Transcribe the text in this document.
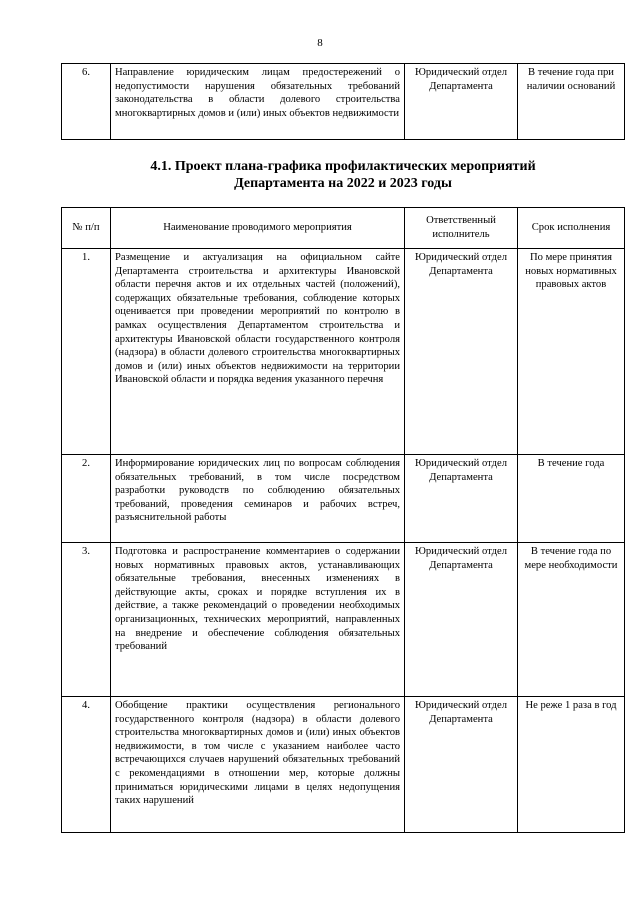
8
6.	Направление юридическим лицам предостережений о недопустимости нарушения обязательных требований законодательства в области долевого строительства многоквартирных домов и (или) иных объектов недвижимости	Юридический отдел Департамента	В течение года при наличии оснований
4.1. Проект плана-графика профилактических мероприятий
Департамента на 2022 и 2023 годы
№ п/п	Наименование проводимого мероприятия	Ответственный исполнитель	Срок исполнения
1.	Размещение и актуализация на официальном сайте Департамента строительства и архитектуры Ивановской области перечня актов и их отдельных частей (положений), содержащих обязательные требования, соблюдение которых оценивается при проведении мероприятий по контролю в рамках осуществления Департаментом строительства и архитектуры Ивановской области государственного контроля (надзора) в области долевого строительства многоквартирных домов и (или) иных объектов недвижимости на территории Ивановской области и порядка ведения указанного перечня	Юридический отдел Департамента	По мере принятия новых нормативных правовых актов
2.	Информирование юридических лиц по вопросам соблюдения обязательных требований, в том числе посредством разработки руководств по соблюдению обязательных требований, проведения семинаров и рабочих встреч, разъяснительной работы	Юридический отдел Департамента	В течение года
3.	Подготовка и распространение комментариев о содержании новых нормативных правовых актов, устанавливающих обязательные требования, внесенных изменениях в действующие акты, сроках и порядке вступления их в действие, а также рекомендаций о проведении необходимых организационных, технических мероприятий, направленных на внедрение и обеспечение соблюдения обязательных требований	Юридический отдел Департамента	В течение года по мере необходимости
4.	Обобщение практики осуществления регионального государственного контроля (надзора) в области долевого строительства многоквартирных домов и (или) иных объектов недвижимости, в том числе с указанием наиболее часто встречающихся случаев нарушений обязательных требований с рекомендациями в отношении мер, которые должны приниматься юридическими лицами в целях недопущения таких нарушений	Юридический отдел Департамента	Не реже 1 раза в год
